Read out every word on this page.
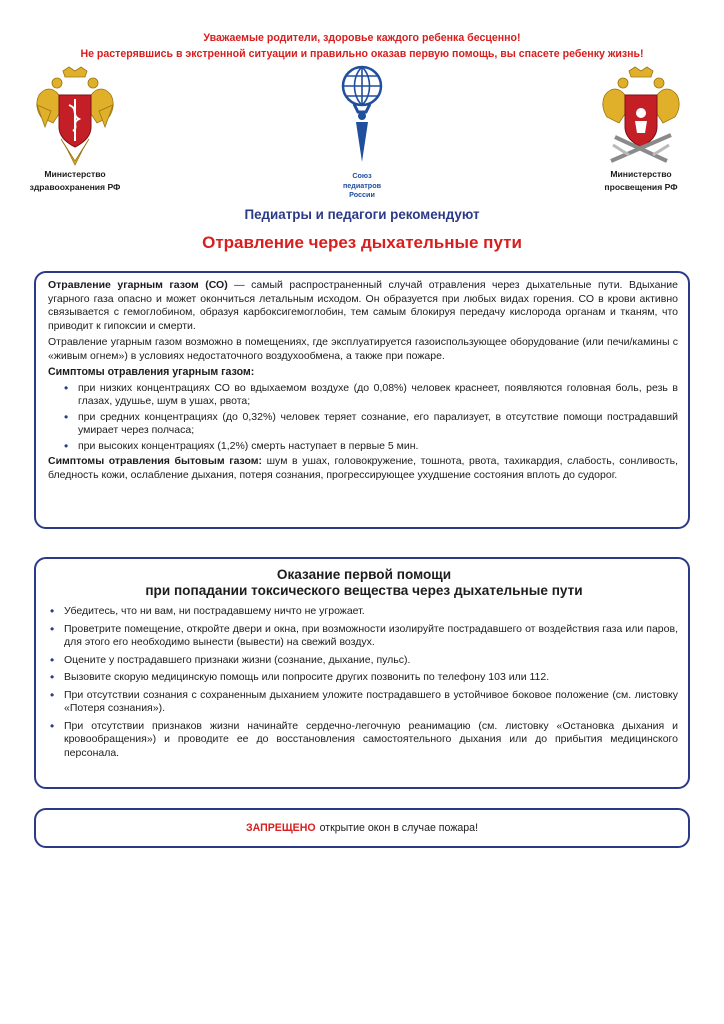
Уважаемые родители, здоровье каждого ребенка бесценно!
Не растерявшись в экстренной ситуации и правильно оказав первую помощь, вы спасете ребенку жизнь!
Министерство
здравоохранения РФ
Союз
педиатров
России
Министерство
просвещения РФ
Педиатры и педагоги рекомендуют
Отравление через дыхательные пути

Отравление угарным газом (СО) — самый распространенный случай отравления через дыхательные пути. Вдыхание угарного газа опасно и может окончиться летальным исходом. Он образуется при любых видах горения. СО в крови активно связывается с гемоглобином, образуя карбоксигемоглобин, тем самым блокируя передачу кислорода органам и тканям, что приводит к гипоксии и смерти.

Отравление угарным газом возможно в помещениях, где эксплуатируется газоиспользующее оборудование (или печи/камины с «живым огнем») в условиях недостаточного воздухообмена, а также при пожаре.

Симптомы отравления угарным газом:
• при низких концентрациях СО во вдыхаемом воздухе (до 0,08%) человек краснеет, появляются головная боль, резь в глазах, удушье, шум в ушах, рвота;
• при средних концентрациях (до 0,32%) человек теряет сознание, его парализует, в отсутствие помощи пострадавший умирает через полчаса;
• при высоких концентрациях (1,2%) смерть наступает в первые 5 мин.

Симптомы отравления бытовым газом: шум в ушах, головокружение, тошнота, рвота, тахикардия, слабость, сонливость, бледность кожи, ослабление дыхания, потеря сознания, прогрессирующее ухудшение состояния вплоть до судорог.

Оказание первой помощи
при попадании токсического вещества через дыхательные пути
• Убедитесь, что ни вам, ни пострадавшему ничто не угрожает.
• Проветрите помещение, откройте двери и окна, при возможности изолируйте пострадавшего от воздействия газа или паров, для этого его необходимо вынести (вывести) на свежий воздух.
• Оцените у пострадавшего признаки жизни (сознание, дыхание, пульс).
• Вызовите скорую медицинскую помощь или попросите других позвонить по телефону 103 или 112.
• При отсутствии сознания с сохраненным дыханием уложите пострадавшего в устойчивое боковое положение (см. листовку «Потеря сознания»).
• При отсутствии признаков жизни начинайте сердечно-легочную реанимацию (см. листовку «Остановка дыхания и кровообращения») и проводите ее до восстановления самостоятельного дыхания или до прибытия медицинского персонала.
ЗАПРЕЩЕНО открытие окон в случае пожара!
